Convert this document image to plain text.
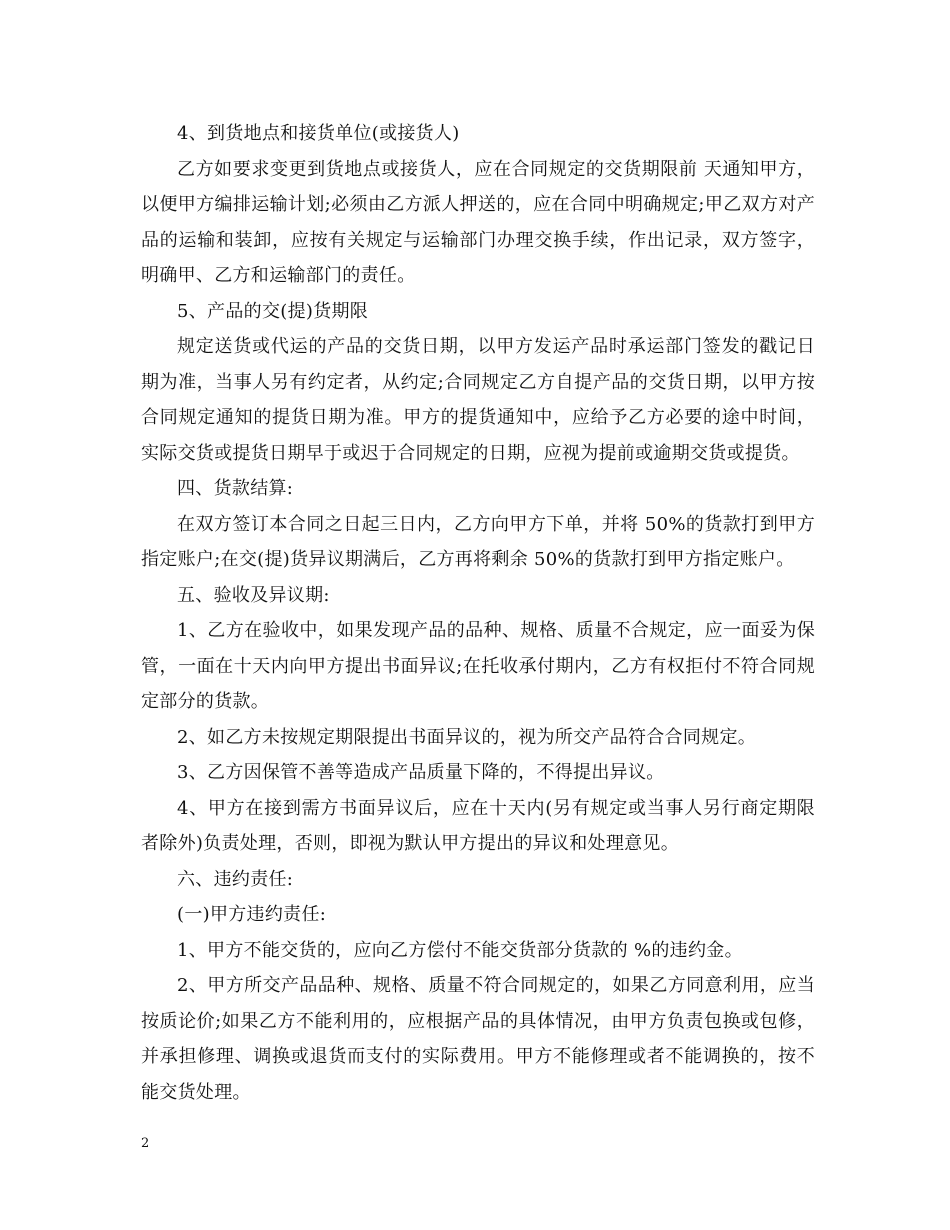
4、到货地点和接货单位(或接货人)

乙方如要求变更到货地点或接货人，应在合同规定的交货期限前 天通知甲方，以便甲方编排运输计划;必须由乙方派人押送的，应在合同中明确规定;甲乙双方对产品的运输和装卸，应按有关规定与运输部门办理交换手续，作出记录，双方签字，明确甲、乙方和运输部门的责任。

5、产品的交(提)货期限

规定送货或代运的产品的交货日期，以甲方发运产品时承运部门签发的戳记日期为准，当事人另有约定者，从约定;合同规定乙方自提产品的交货日期，以甲方按合同规定通知的提货日期为准。甲方的提货通知中，应给予乙方必要的途中时间，实际交货或提货日期早于或迟于合同规定的日期，应视为提前或逾期交货或提货。

四、货款结算:

在双方签订本合同之日起三日内，乙方向甲方下单，并将 50%的货款打到甲方指定账户;在交(提)货异议期满后，乙方再将剩余 50%的货款打到甲方指定账户。

五、验收及异议期:

1、乙方在验收中，如果发现产品的品种、规格、质量不合规定，应一面妥为保管，一面在十天内向甲方提出书面异议;在托收承付期内，乙方有权拒付不符合同规定部分的货款。

2、如乙方未按规定期限提出书面异议的，视为所交产品符合合同规定。

3、乙方因保管不善等造成产品质量下降的，不得提出异议。

4、甲方在接到需方书面异议后，应在十天内(另有规定或当事人另行商定期限者除外)负责处理，否则，即视为默认甲方提出的异议和处理意见。

六、违约责任:

(一)甲方违约责任:

1、甲方不能交货的，应向乙方偿付不能交货部分货款的 %的违约金。

2、甲方所交产品品种、规格、质量不符合同规定的，如果乙方同意利用，应当按质论价;如果乙方不能利用的，应根据产品的具体情况，由甲方负责包换或包修，并承担修理、调换或退货而支付的实际费用。甲方不能修理或者不能调换的，按不能交货处理。

2
